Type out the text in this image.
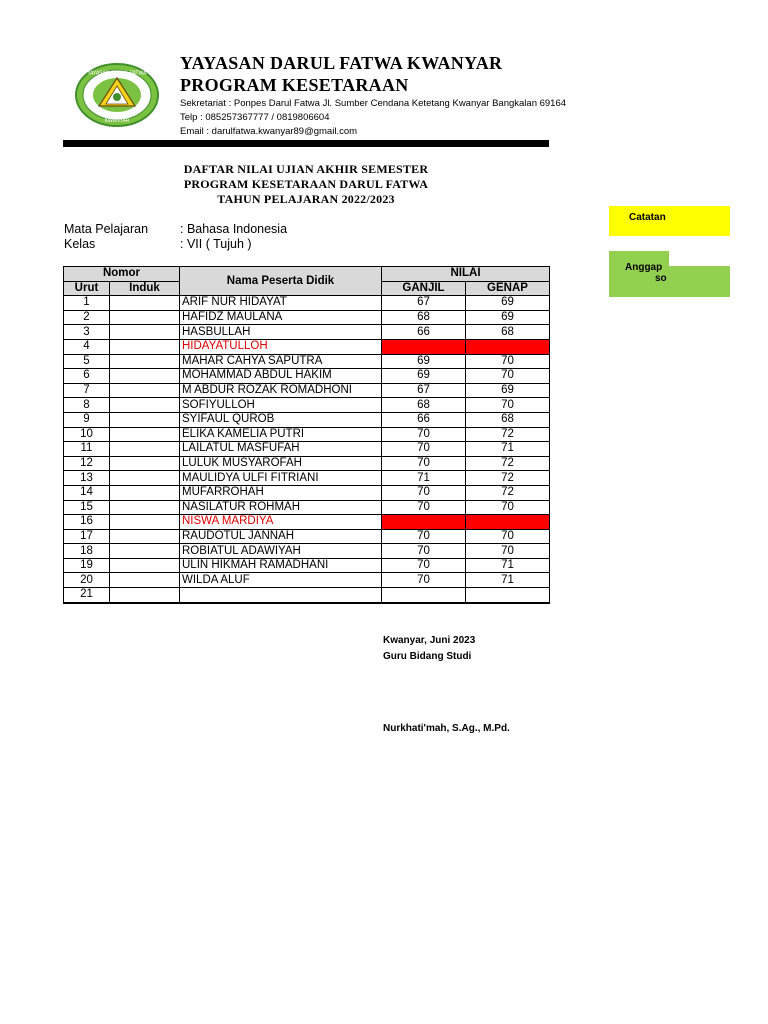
YAYASAN DARUL FATWA
KWANYAR
YAYASAN DARUL FATWA KWANYAR
PROGRAM KESETARAAN
Sekretariat : Ponpes Darul Fatwa Jl. Sumber Cendana Ketetang Kwanyar Bangkalan 69164
Telp : 085257367777 / 0819806604
Email : darulfatwa.kwanyar89@gmail.com
DAFTAR NILAI UJIAN AKHIR SEMESTER
PROGRAM KESETARAAN DARUL FATWA
TAHUN PELAJARAN 2022/2023
Mata Pelajaran	: Bahasa Indonesia
Kelas	: VII ( Tujuh )
Nomor		Nama Peserta Didik	NILAI	
Urut	Induk		GANJIL	GENAP
1		ARIF NUR HIDAYAT	67	69
2		HAFIDZ MAULANA	68	69
3		HASBULLAH	66	68
4		HIDAYATULLOH		
5		MAHAR CAHYA SAPUTRA	69	70
6		MOHAMMAD ABDUL HAKIM	69	70
7		M ABDUR ROZAK ROMADHONI	67	69
8		SOFIYULLOH	68	70
9		SYIFAUL QUROB	66	68
10		ELIKA KAMELIA PUTRI	70	72
11		LAILATUL MASFUFAH	70	71
12		LULUK MUSYAROFAH	70	72
13		MAULIDYA ULFI FITRIANI	71	72
14		MUFARROHAH	70	72
15		NASILATUR ROHMAH	70	70
16		NISWA MARDIYA		
17		RAUDOTUL JANNAH	70	70
18		ROBIATUL ADAWIYAH	70	70
19		ULIN HIKMAH RAMADHANI	70	71
20		WILDA ALUF	70	71
21				
Catatan
Anggap
so
Kwanyar, Juni 2023
Guru Bidang Studi
Nurkhati'mah, S.Ag., M.Pd.
